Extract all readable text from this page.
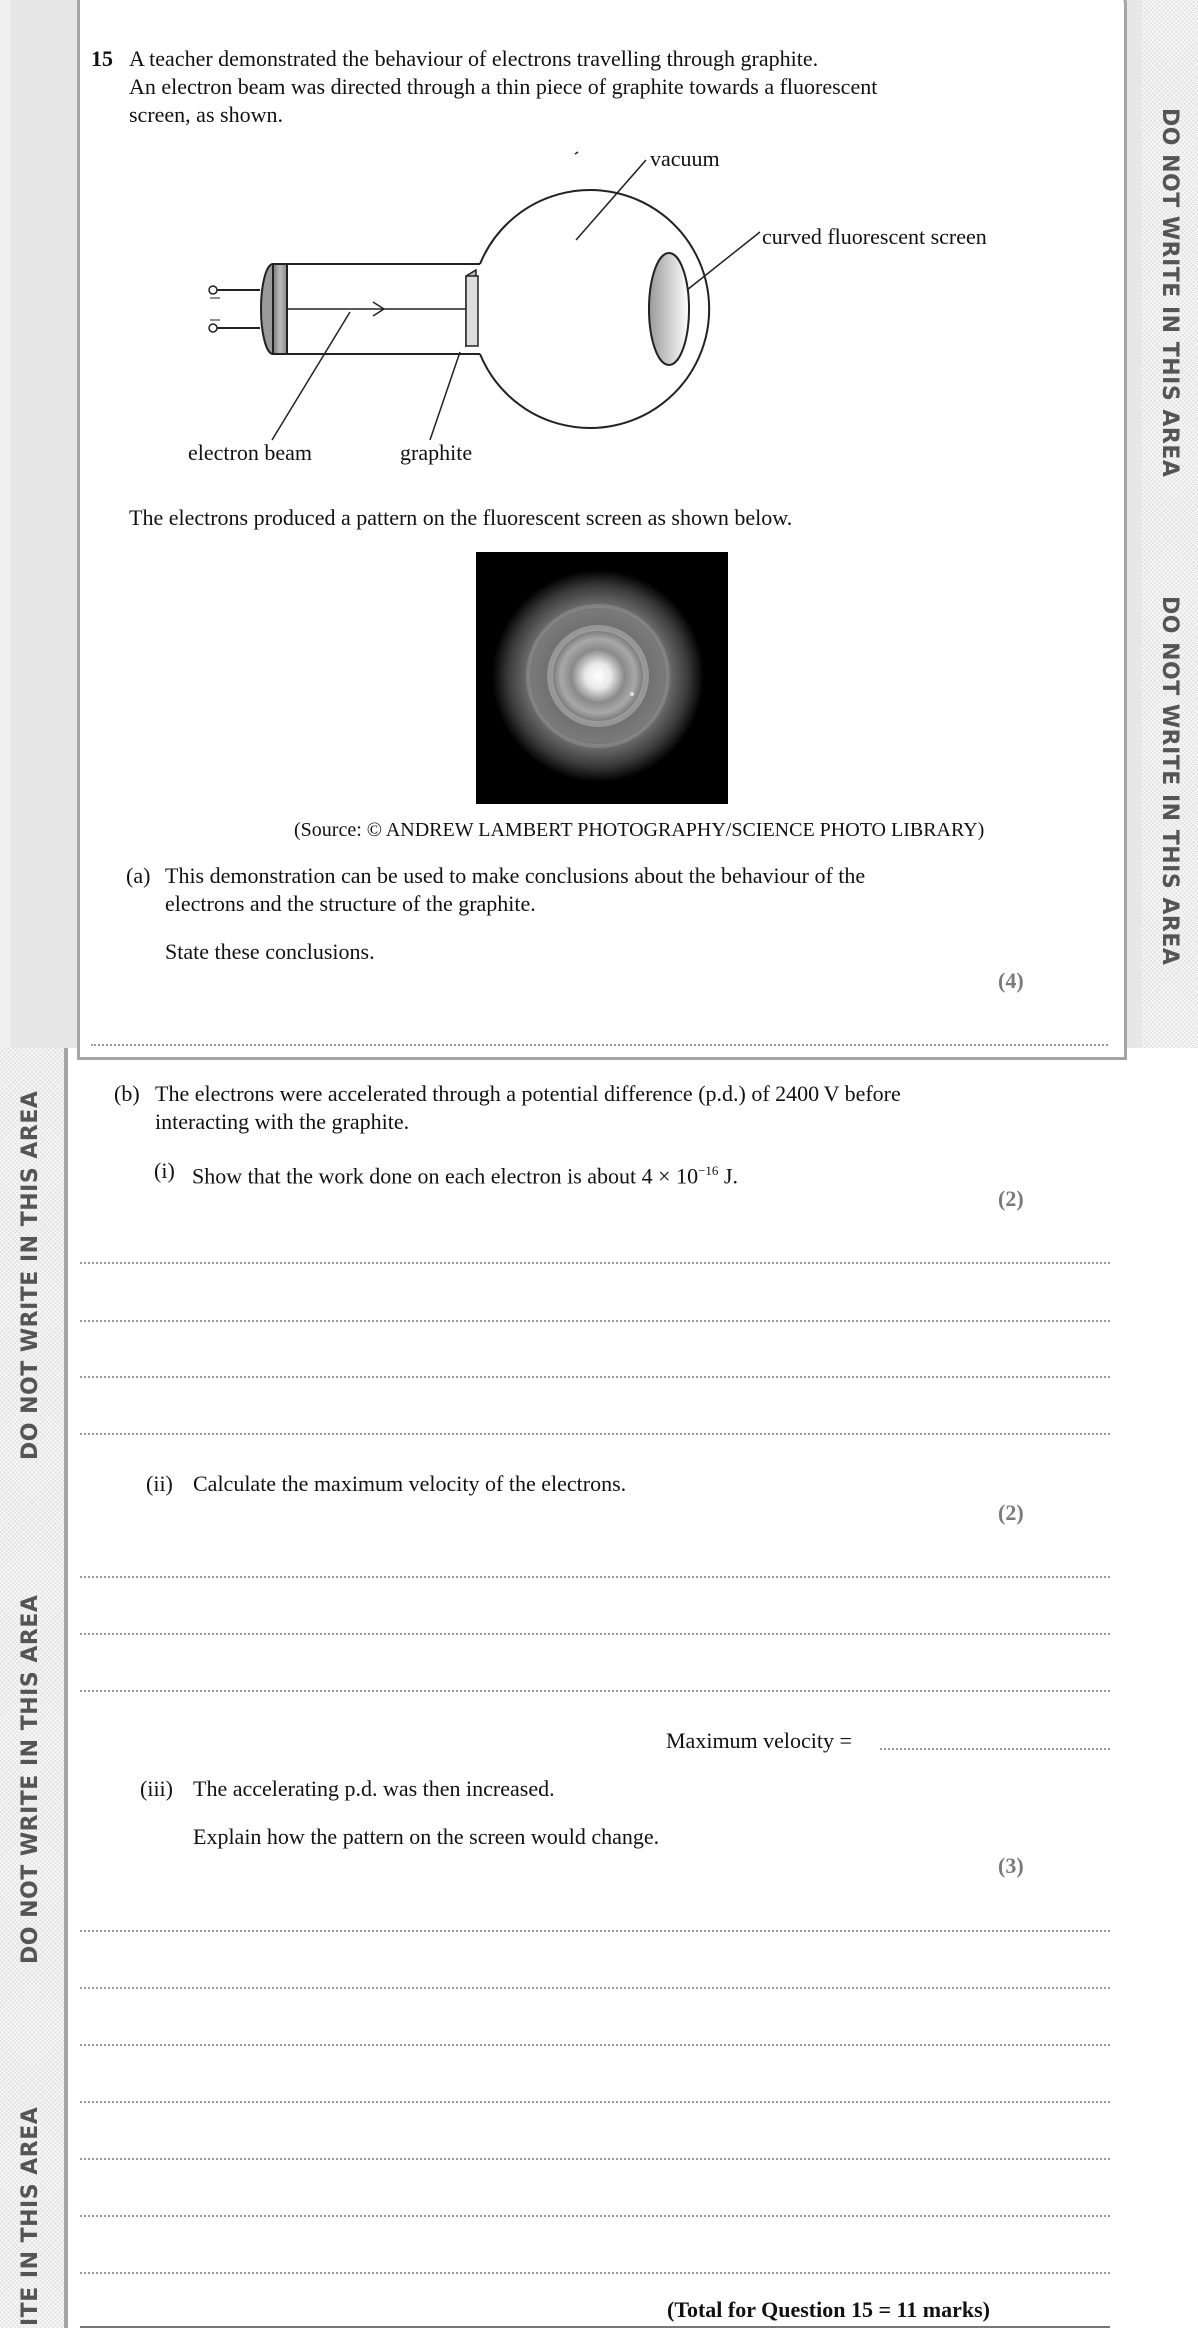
DO NOT WRITE IN THIS AREA
DO NOT WRITE IN THIS AREA
DO NOT WRITE IN THIS AREA
DO NOT WRITE IN THIS AREA
ITE IN THIS AREA
15 A teacher demonstrated the behaviour of electrons travelling through graphite.
An electron beam was directed through a thin piece of graphite towards a fluorescent
screen, as shown.
vacuum
curved fluorescent screen
electron beam	graphite
The electrons produced a pattern on the fluorescent screen as shown below.
(Source: © ANDREW LAMBERT PHOTOGRAPHY/SCIENCE PHOTO LIBRARY)
(a) This demonstration can be used to make conclusions about the behaviour of the
electrons and the structure of the graphite.
State these conclusions.
(4)
(b) The electrons were accelerated through a potential difference (p.d.) of 2400 V before
interacting with the graphite.
(i) Show that the work done on each electron is about $4 \times 10^{-16}$ J.
(2)
(ii) Calculate the maximum velocity of the electrons.
(2)
Maximum velocity =
(iii) The accelerating p.d. was then increased.
Explain how the pattern on the screen would change.
(3)
(Total for Question 15 = 11 marks)
